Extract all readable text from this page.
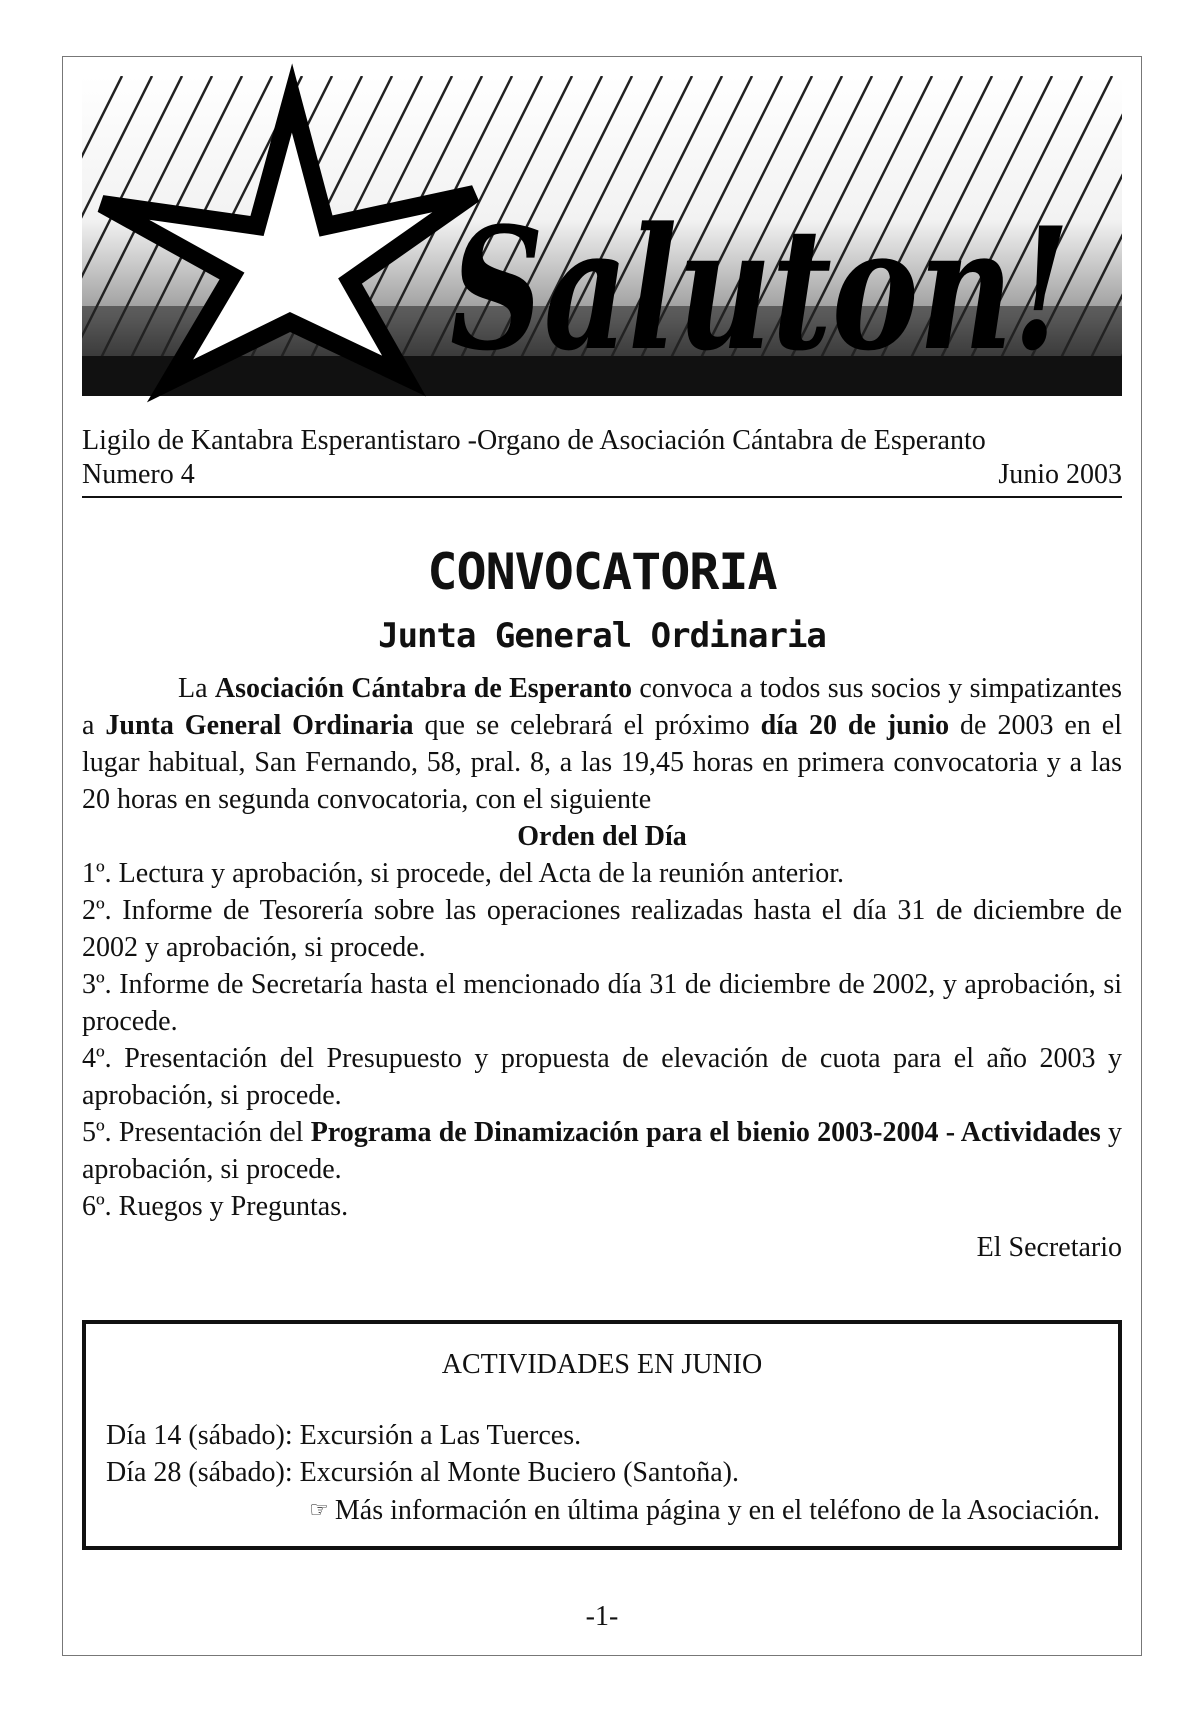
Saluton!
Ligilo de Kantabra Esperantistaro -Organo de Asociación Cántabra de Esperanto
Numero 4	Junio 2003
CONVOCATORIA
Junta General Ordinaria

La Asociación Cántabra de Esperanto convoca a todos sus socios y simpatizantes a Junta General Ordinaria que se celebrará el próximo día 20 de junio de 2003 en el lugar habitual, San Fernando, 58, pral. 8, a las 19,45 horas en primera convocatoria y a las 20 horas en segunda convocatoria, con el siguiente

Orden del Día

1º. Lectura y aprobación, si procede, del Acta de la reunión anterior.

2º. Informe de Tesorería sobre las operaciones realizadas hasta el día 31 de diciembre de 2002 y aprobación, si procede.

3º. Informe de Secretaría hasta el mencionado día 31 de diciembre de 2002, y aprobación, si procede.

4º. Presentación del Presupuesto y propuesta de elevación de cuota para el año 2003 y aprobación, si procede.

5º. Presentación del Programa de Dinamización para el bienio 2003-2004 - Actividades y aprobación, si procede.

6º. Ruegos y Preguntas.

El Secretario

ACTIVIDADES EN JUNIO
Día 14 (sábado): Excursión a Las Tuerces.
Día 28 (sábado): Excursión al Monte Buciero (Santoña).
☞ Más información en última página y en el teléfono de la Asociación.
-1-
